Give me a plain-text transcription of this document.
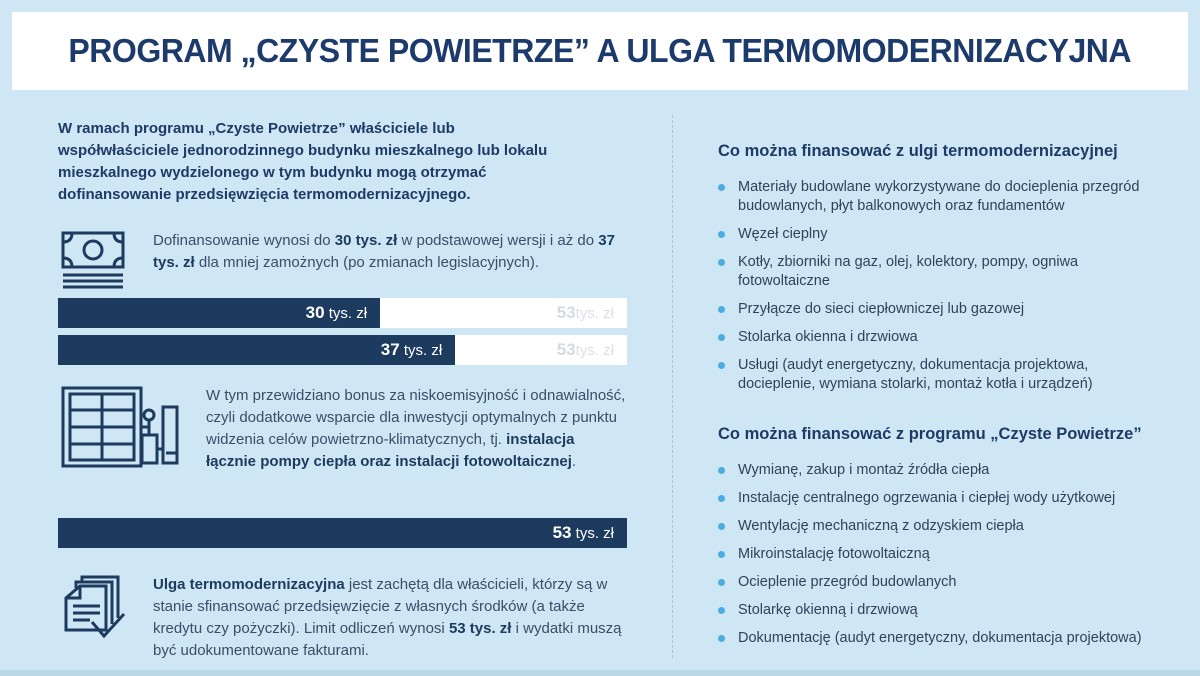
PROGRAM „CZYSTE POWIETRZE” A ULGA TERMOMODERNIZACYJNA
W ramach programu „Czyste Powietrze” właściciele lub współwłaściciele jednorodzinnego budynku mieszkalnego lub lokalu mieszkalnego wydzielonego w tym budynku mogą otrzymać dofinansowanie przedsięwzięcia termomodernizacyjnego.
Dofinansowanie wynosi do 30 tys. zł w podstawowej wersji i aż do 37 tys. zł dla mniej zamożnych (po zmianach legislacyjnych).
30 tys. zł	53 tys. zł
37 tys. zł	53 tys. zł
W tym przewidziano bonus za niskoemisyjność i odnawialność, czyli dodatkowe wsparcie dla inwestycji optymalnych z punktu widzenia celów powietrzno-klimatycznych, tj. instalacja łącznie pompy ciepła oraz instalacji fotowoltaicznej.
53 tys. zł
Ulga termomodernizacyjna jest zachętą dla właścicieli, którzy są w stanie sfinansować przedsięwzięcie z własnych środków (a także kredytu czy pożyczki). Limit odliczeń wynosi 53 tys. zł i wydatki muszą być udokumentowane fakturami.
Co można finansować z ulgi termomodernizacyjnej
Materiały budowlane wykorzystywane do docieplenia przegród budowlanych, płyt balkonowych oraz fundamentów
Węzeł cieplny
Kotły, zbiorniki na gaz, olej, kolektory, pompy, ogniwa fotowoltaiczne
Przyłącze do sieci ciepłowniczej lub gazowej
Stolarka okienna i drzwiowa
Usługi (audyt energetyczny, dokumentacja projektowa, docieplenie, wymiana stolarki, montaż kotła i urządzeń)
Co można finansować z programu „Czyste Powietrze”
Wymianę, zakup i montaż źródła ciepła
Instalację centralnego ogrzewania i ciepłej wody użytkowej
Wentylację mechaniczną z odzyskiem ciepła
Mikroinstalację fotowoltaiczną
Ocieplenie przegród budowlanych
Stolarkę okienną i drzwiową
Dokumentację (audyt energetyczny, dokumentacja projektowa)
